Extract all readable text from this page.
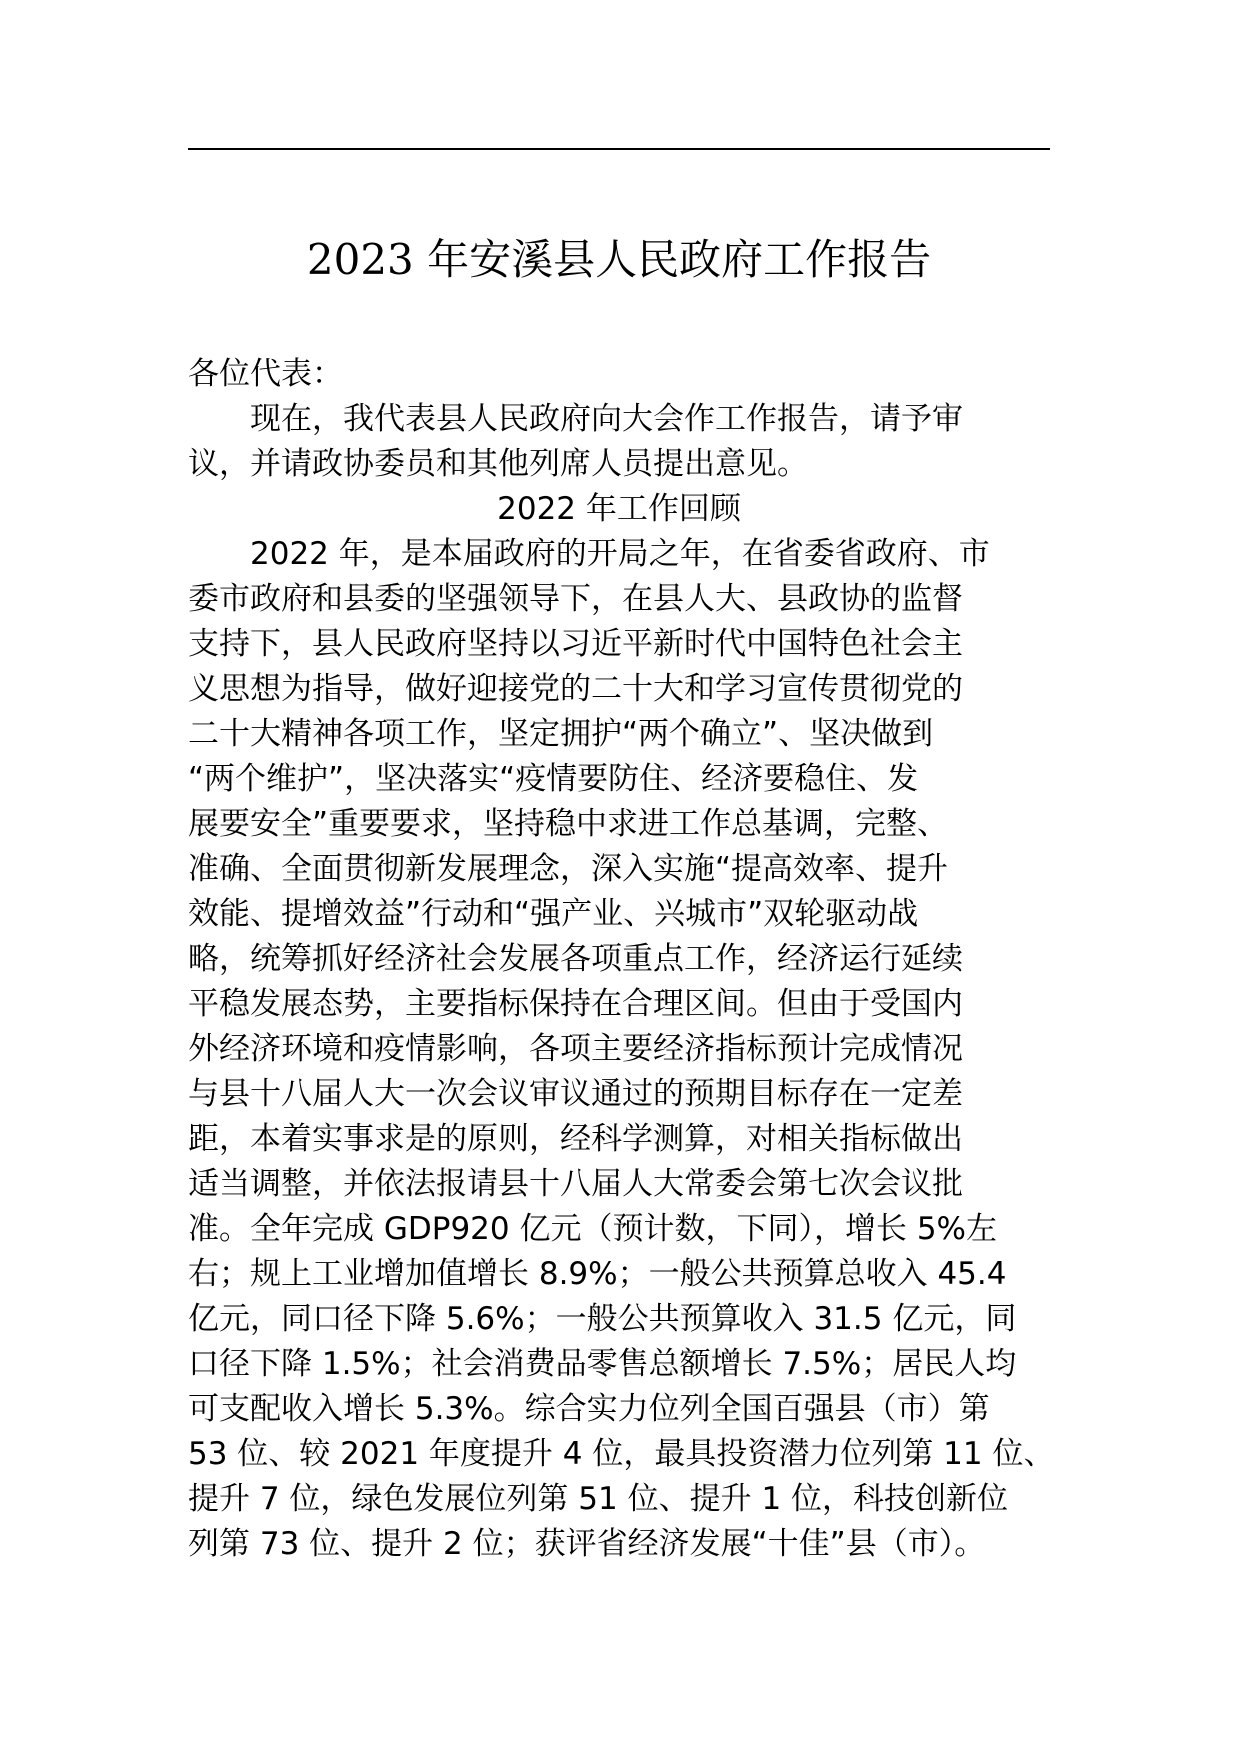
2023 年安溪县人民政府工作报告
各位代表：
现在，我代表县人民政府向大会作工作报告，请予审
议，并请政协委员和其他列席人员提出意见。
2022 年工作回顾
2022 年，是本届政府的开局之年，在省委省政府、市
委市政府和县委的坚强领导下，在县人大、县政协的监督
支持下，县人民政府坚持以习近平新时代中国特色社会主
义思想为指导，做好迎接党的二十大和学习宣传贯彻党的
二十大精神各项工作，坚定拥护“两个确立”、坚决做到
“两个维护”，坚决落实“疫情要防住、经济要稳住、发
展要安全”重要要求，坚持稳中求进工作总基调，完整、
准确、全面贯彻新发展理念，深入实施“提高效率、提升
效能、提增效益”行动和“强产业、兴城市”双轮驱动战
略，统筹抓好经济社会发展各项重点工作，经济运行延续
平稳发展态势，主要指标保持在合理区间。但由于受国内
外经济环境和疫情影响，各项主要经济指标预计完成情况
与县十八届人大一次会议审议通过的预期目标存在一定差
距，本着实事求是的原则，经科学测算，对相关指标做出
适当调整，并依法报请县十八届人大常委会第七次会议批
准。全年完成 GDP920 亿元（预计数，下同），增长 5%左
右；规上工业增加值增长 8.9%；一般公共预算总收入 45.4
亿元，同口径下降 5.6%；一般公共预算收入 31.5 亿元，同
口径下降 1.5%；社会消费品零售总额增长 7.5%；居民人均
可支配收入增长 5.3%。综合实力位列全国百强县（市）第
53 位、较 2021 年度提升 4 位，最具投资潜力位列第 11 位、
提升 7 位，绿色发展位列第 51 位、提升 1 位，科技创新位
列第 73 位、提升 2 位；获评省经济发展“十佳”县（市）。
